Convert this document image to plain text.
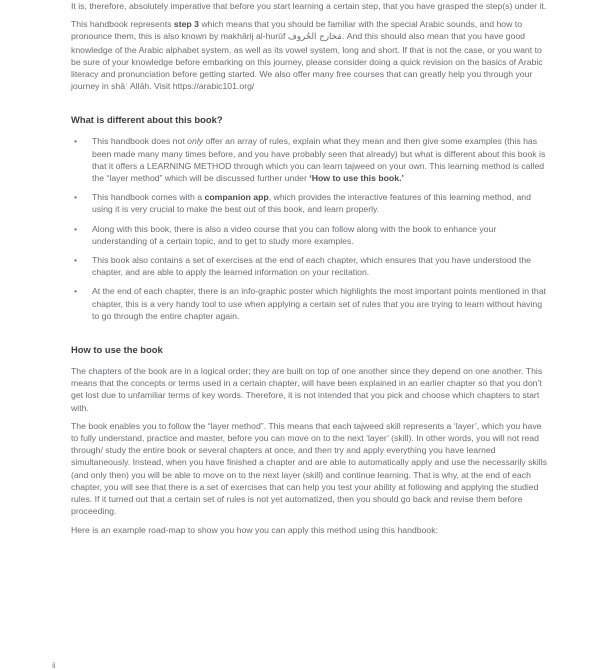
It is, therefore, absolutely imperative that before you start learning a certain step, that you have grasped the step(s) under it.

This handbook represents step 3 which means that you should be familiar with the special Arabic sounds, and how to pronounce them, this is also known by makhārij al-hurūf مَخارج الحُروف. And this should also mean that you have good knowledge of the Arabic alphabet system, as well as its vowel system, long and short. If that is not the case, or you want to be sure of your knowledge before embarking on this journey, please consider doing a quick revision on the basics of Arabic literacy and pronunciation before getting started. We also offer many free courses that can greatly help you through your journey in shāʾ Allāh. Visit https://arabic101.org/

What is different about this book?
•	This handbook does not only offer an array of rules, explain what they mean and then give some examples (this has been made many many times before, and you have probably seen that already) but what is different about this book is that it offers a LEARNING METHOD through which you can learn tajweed on your own. This learning method is called the “layer method” which will be discussed further under ‘How to use this book.’

•	This handbook comes with a companion app, which provides the interactive features of this learning method, and using it is very crucial to make the best out of this book, and learn properly.

•	Along with this book, there is also a video course that you can follow along with the book to enhance your understanding of a certain topic, and to get to study more examples.

•	This book also contains a set of exercises at the end of each chapter, which ensures that you have understood the chapter, and are able to apply the learned information on your recitation.

•	At the end of each chapter, there is an info-graphic poster which highlights the most important points mentioned in that chapter, this is a very handy tool to use when applying a certain set of rules that you are trying to learn without having to go through the entire chapter again.

How to use the book

The chapters of the book are in a logical order; they are built on top of one another since they depend on one another. This means that the concepts or terms used in a certain chapter, will have been explained in an earlier chapter so that you don’t get lost due to unfamiliar terms of key words. Therefore, it is not intended that you pick and choose which chapters to start with.

The book enables you to follow the “layer method”. This means that each tajweed skill represents a ‘layer’, which you have to fully understand, practice and master, before you can move on to the next ‘layer’ (skill). In other words, you will not read through/ study the entire book or several chapters at once, and then try and apply everything you have learned simultaneously. Instead, when you have finished a chapter and are able to automatically apply and use the necessarily skills (and only then) you will be able to move on to the next layer (skill) and continue learning. That is why, at the end of each chapter, you will see that there is a set of exercises that can help you test your ability at following and applying the studied rules. If it turned out that a certain set of rules is not yet automatized, then you should go back and revise them before proceeding.

Here is an example road-map to show you how you can apply this method using this handbook:

ii
